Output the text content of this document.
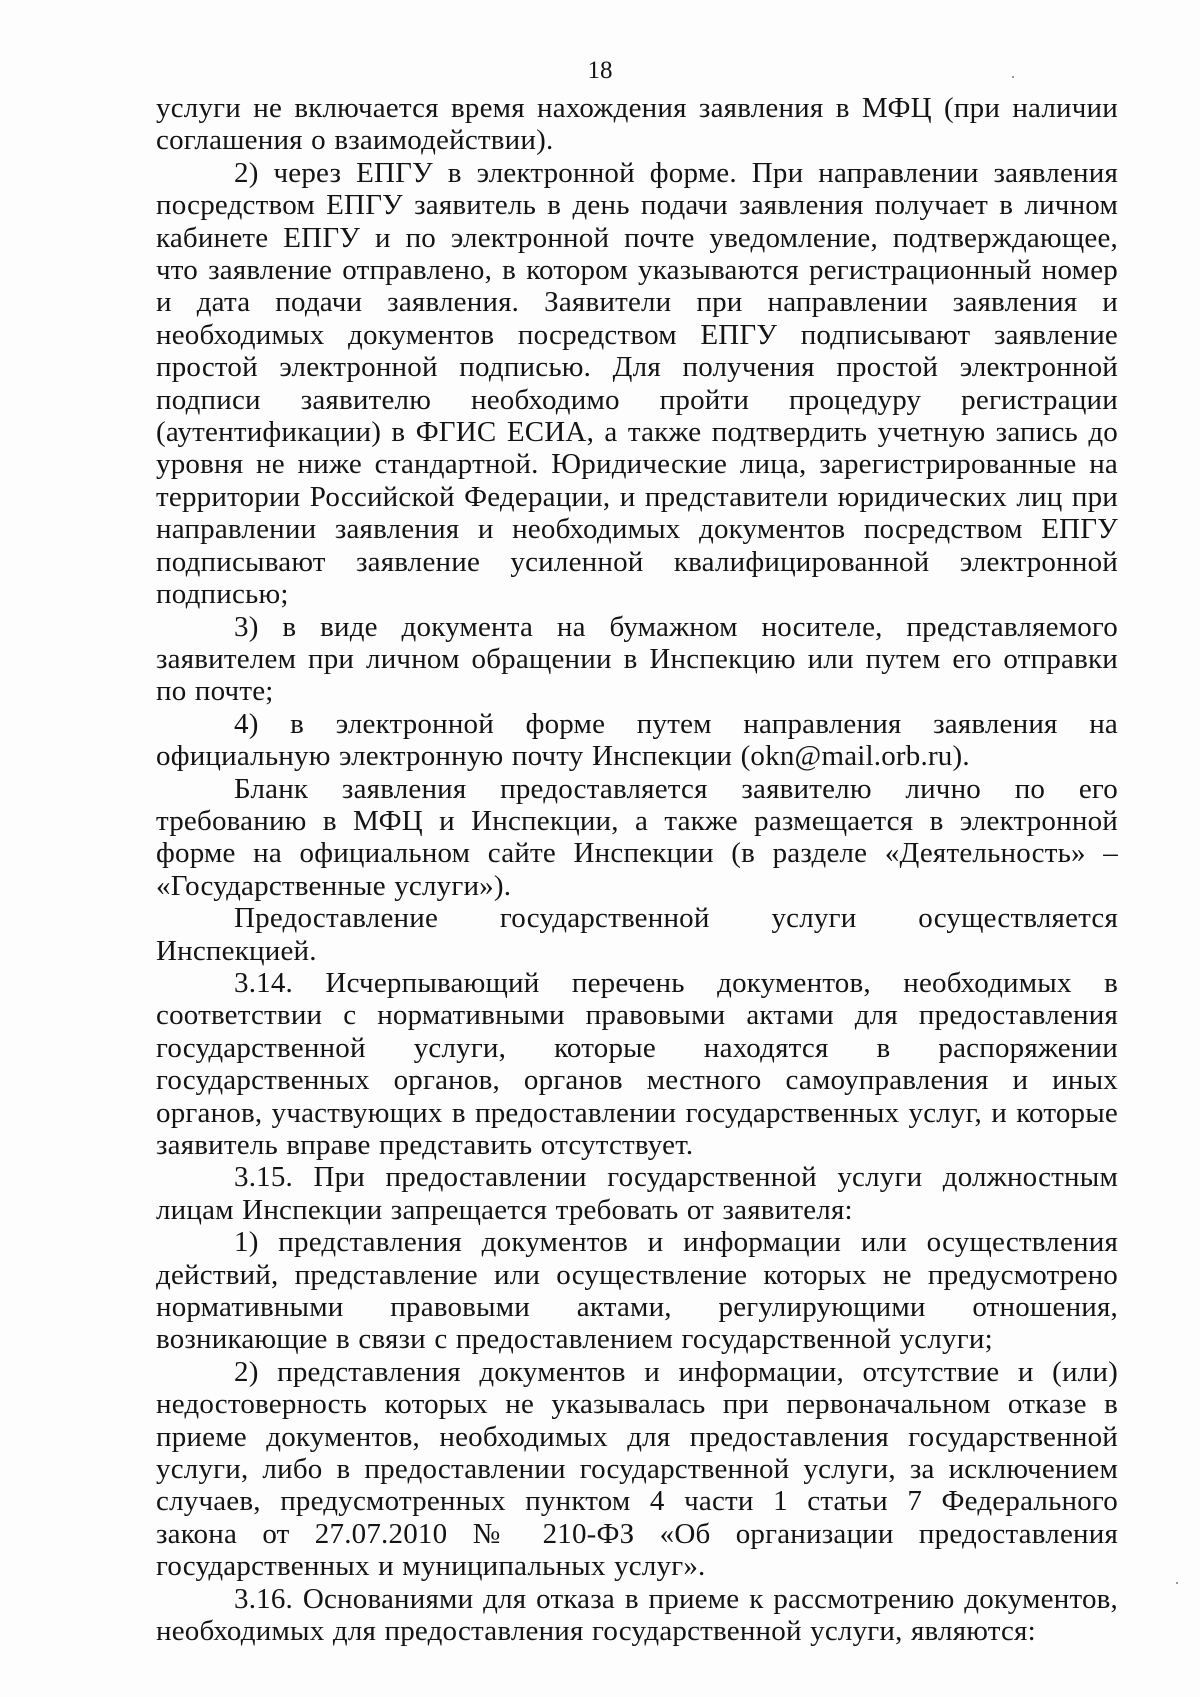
18

услуги не включается время нахождения заявления в МФЦ (при наличии соглашения о взаимодействии).

2) через ЕПГУ в электронной форме. При направлении заявления посредством ЕПГУ заявитель в день подачи заявления получает в личном кабинете ЕПГУ и по электронной почте уведомление, подтверждающее, что заявление отправлено, в котором указываются регистрационный номер и дата подачи заявления. Заявители при направлении заявления и необходимых документов посредством ЕПГУ подписывают заявление простой электронной подписью. Для получения простой электронной подписи заявителю необходимо пройти процедуру регистрации (аутентификации) в ФГИС ЕСИА, а также подтвердить учетную запись до уровня не ниже стандартной. Юридические лица, зарегистрированные на территории Российской Федерации, и представители юридических лиц при направлении заявления и необходимых документов посредством ЕПГУ подписывают заявление усиленной квалифицированной электронной подписью;

3) в виде документа на бумажном носителе, представляемого заявителем при личном обращении в Инспекцию или путем его отправки по почте;

4) в электронной форме путем направления заявления на официальную электронную почту Инспекции (okn@mail.orb.ru).

Бланк заявления предоставляется заявителю лично по его требованию в МФЦ и Инспекции, а также размещается в электронной форме на официальном сайте Инспекции (в разделе «Деятельность» – «Государственные услуги»).

Предоставление государственной услуги осуществляется Инспекцией.

3.14. Исчерпывающий перечень документов, необходимых в соответствии с нормативными правовыми актами для предоставления государственной услуги, которые находятся в распоряжении государственных органов, органов местного самоуправления и иных органов, участвующих в предоставлении государственных услуг, и которые заявитель вправе представить отсутствует.

3.15. При предоставлении государственной услуги должностным лицам Инспекции запрещается требовать от заявителя:

1) представления документов и информации или осуществления действий, представление или осуществление которых не предусмотрено нормативными правовыми актами, регулирующими отношения, возникающие в связи с предоставлением государственной услуги;

2) представления документов и информации, отсутствие и (или) недостоверность которых не указывалась при первоначальном отказе в приеме документов, необходимых для предоставления государственной услуги, либо в предоставлении государственной услуги, за исключением случаев, предусмотренных пунктом 4 части 1 статьи 7 Федерального закона от 27.07.2010 № 210-ФЗ «Об организации предоставления государственных и муниципальных услуг».

3.16. Основаниями для отказа в приеме к рассмотрению документов, необходимых для предоставления государственной услуги, являются:
